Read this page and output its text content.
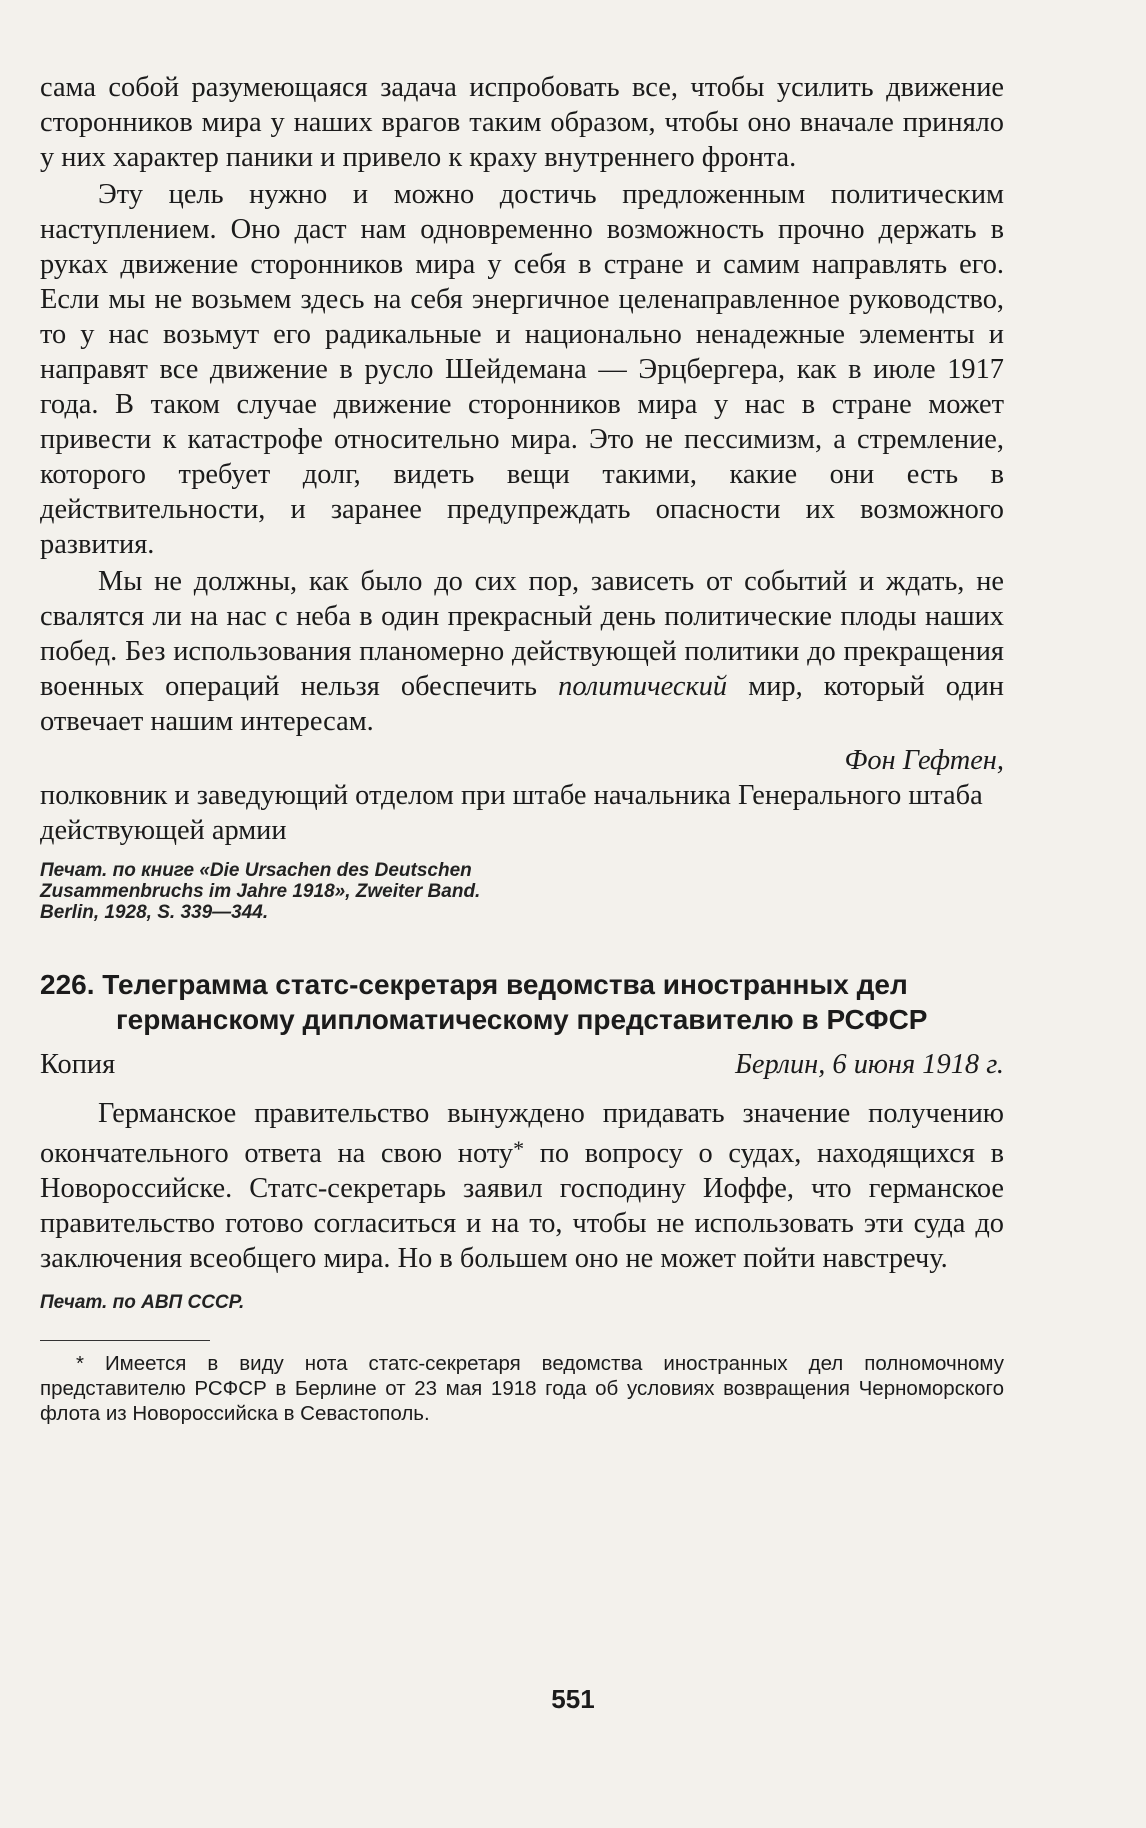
сама собой разумеющаяся задача испробовать все, чтобы усилить движение сторонников мира у наших врагов таким образом, чтобы оно вначале приняло у них характер паники и привело к краху внутреннего фронта.

Эту цель нужно и можно достичь предложенным политическим наступлением. Оно даст нам одновременно возможность прочно держать в руках движение сторонников мира у себя в стране и самим направлять его. Если мы не возьмем здесь на себя энергичное целенаправленное руководство, то у нас возьмут его радикальные и национально ненадежные элементы и направят все движение в русло Шейдемана — Эрцбергера, как в июле 1917 года. В таком случае движение сторонников мира у нас в стране может привести к катастрофе относительно мира. Это не пессимизм, а стремление, которого требует долг, видеть вещи такими, какие они есть в действительности, и заранее предупреждать опасности их возможного развития.

Мы не должны, как было до сих пор, зависеть от событий и ждать, не свалятся ли на нас с неба в один прекрасный день политические плоды наших побед. Без использования планомерно действующей политики до прекращения военных операций нельзя обеспечить политический мир, который один отвечает нашим интересам.

Фон Гефтен,

полковник и заведующий отделом при штабе начальника Генерального штаба действующей армии

Печат. по книге «Die Ursachen des Deutschen Zusammenbruchs im Jahre 1918», Zweiter Band. Berlin, 1928, S. 339—344.

226. Телеграмма статс-секретаря ведомства иностранных дел германскому дипломатическому представителю в РСФСР

Копия	Берлин, 6 июня 1918 г.

Германское правительство вынуждено придавать значение получению окончательного ответа на свою ноту* по вопросу о судах, находящихся в Новороссийске. Статс-секретарь заявил господину Иоффе, что германское правительство готово согласиться и на то, чтобы не использовать эти суда до заключения всеобщего мира. Но в большем оно не может пойти навстречу.

Печат. по АВП СССР.

* Имеется в виду нота статс-секретаря ведомства иностранных дел полномочному представителю РСФСР в Берлине от 23 мая 1918 года об условиях возвращения Черноморского флота из Новороссийска в Севастополь.

551
